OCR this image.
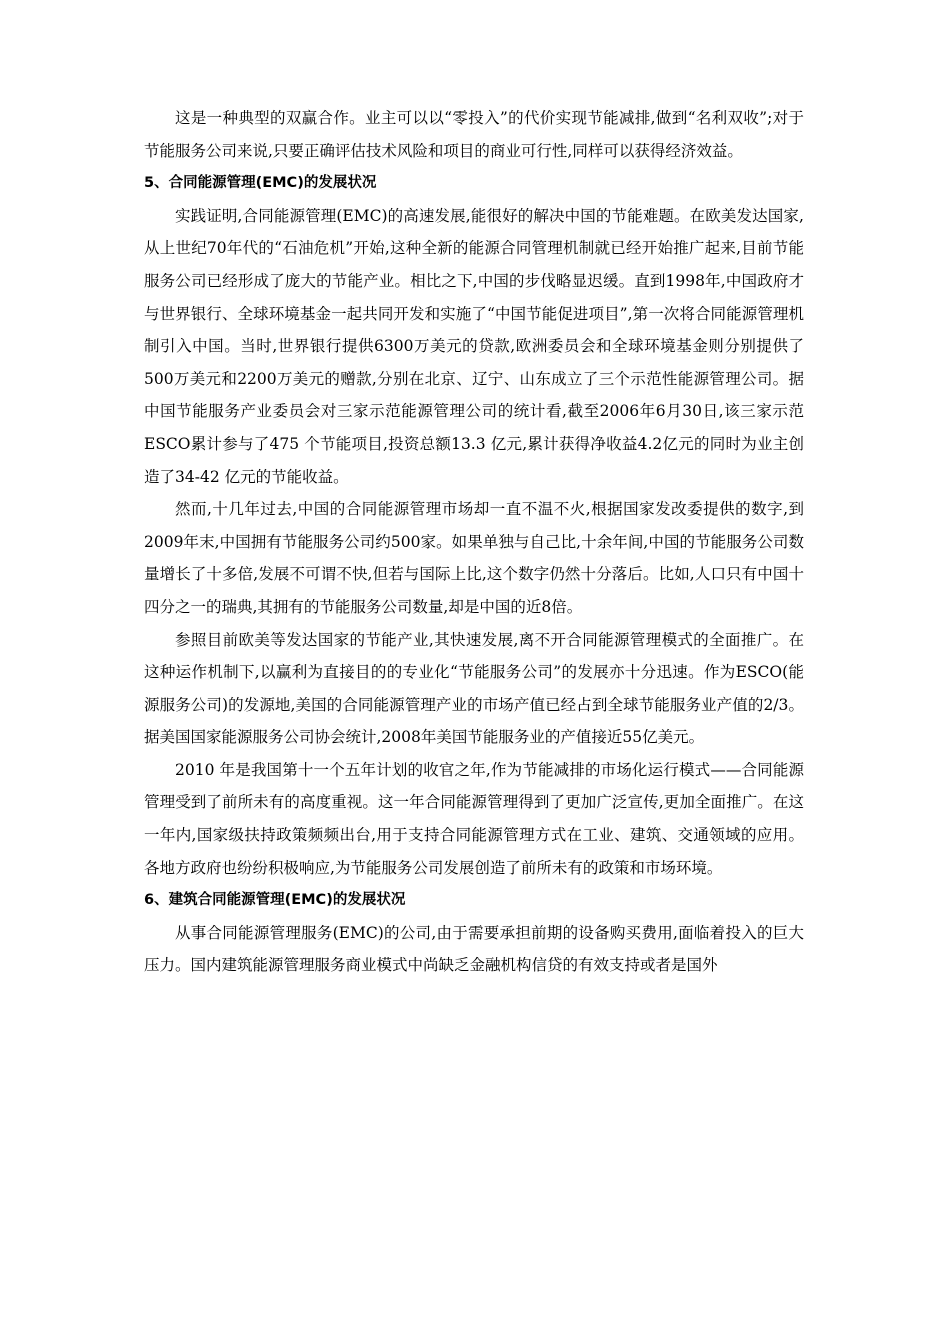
这是一种典型的双赢合作。业主可以以“零投入”的代价实现节能减排,做到“名利双收”;对于节能服务公司来说,只要正确评估技术风险和项目的商业可行性,同样可以获得经济效益。

5、合同能源管理(EMC)的发展状况

实践证明,合同能源管理(EMC)的高速发展,能很好的解决中国的节能难题。在欧美发达国家,从上世纪70年代的“石油危机”开始,这种全新的能源合同管理机制就已经开始推广起来,目前节能服务公司已经形成了庞大的节能产业。相比之下,中国的步伐略显迟缓。直到1998年,中国政府才与世界银行、全球环境基金一起共同开发和实施了“中国节能促进项目”,第一次将合同能源管理机制引入中国。当时,世界银行提供6300万美元的贷款,欧洲委员会和全球环境基金则分别提供了500万美元和2200万美元的赠款,分别在北京、辽宁、山东成立了三个示范性能源管理公司。据中国节能服务产业委员会对三家示范能源管理公司的统计看,截至2006年6月30日,该三家示范ESCO累计参与了475 个节能项目,投资总额13.3 亿元,累计获得净收益4.2亿元的同时为业主创造了34-42 亿元的节能收益。

然而,十几年过去,中国的合同能源管理市场却一直不温不火,根据国家发改委提供的数字,到2009年末,中国拥有节能服务公司约500家。如果单独与自己比,十余年间,中国的节能服务公司数量增长了十多倍,发展不可谓不快,但若与国际上比,这个数字仍然十分落后。比如,人口只有中国十四分之一的瑞典,其拥有的节能服务公司数量,却是中国的近8倍。

参照目前欧美等发达国家的节能产业,其快速发展,离不开合同能源管理模式的全面推广。在这种运作机制下,以赢利为直接目的的专业化“节能服务公司”的发展亦十分迅速。作为ESCO(能源服务公司)的发源地,美国的合同能源管理产业的市场产值已经占到全球节能服务业产值的2/3。据美国国家能源服务公司协会统计,2008年美国节能服务业的产值接近55亿美元。

2010 年是我国第十一个五年计划的收官之年,作为节能减排的市场化运行模式——合同能源管理受到了前所未有的高度重视。这一年合同能源管理得到了更加广泛宣传,更加全面推广。在这一年内,国家级扶持政策频频出台,用于支持合同能源管理方式在工业、建筑、交通领域的应用。各地方政府也纷纷积极响应,为节能服务公司发展创造了前所未有的政策和市场环境。

6、建筑合同能源管理(EMC)的发展状况

从事合同能源管理服务(EMC)的公司,由于需要承担前期的设备购买费用,面临着投入的巨大压力。国内建筑能源管理服务商业模式中尚缺乏金融机构信贷的有效支持或者是国外
